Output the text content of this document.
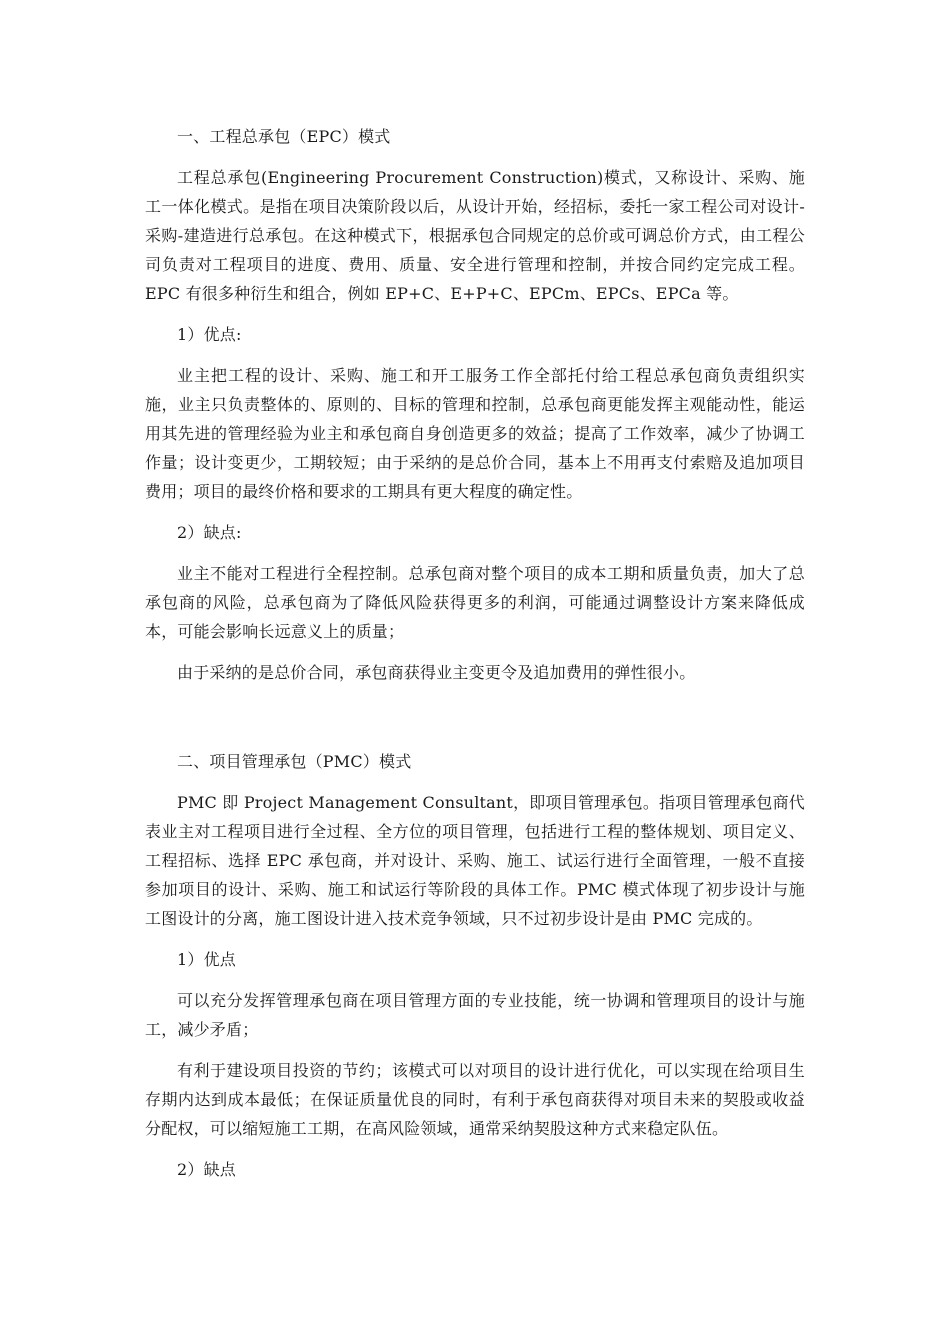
一、工程总承包（EPC）模式

工程总承包(Engineering Procurement Construction)模式，又称设计、采购、施工一体化模式。是指在项目决策阶段以后，从设计开始，经招标，委托一家工程公司对设计-采购-建造进行总承包。在这种模式下，根据承包合同规定的总价或可调总价方式，由工程公司负责对工程项目的进度、费用、质量、安全进行管理和控制，并按合同约定完成工程。EPC 有很多种衍生和组合，例如 EP+C、E+P+C、EPCm、EPCs、EPCa 等。

1）优点:

业主把工程的设计、采购、施工和开工服务工作全部托付给工程总承包商负责组织实施，业主只负责整体的、原则的、目标的管理和控制，总承包商更能发挥主观能动性，能运用其先进的管理经验为业主和承包商自身创造更多的效益；提高了工作效率，减少了协调工作量；设计变更少，工期较短；由于采纳的是总价合同，基本上不用再支付索赔及追加项目费用；项目的最终价格和要求的工期具有更大程度的确定性。

2）缺点:

业主不能对工程进行全程控制。总承包商对整个项目的成本工期和质量负责，加大了总承包商的风险，总承包商为了降低风险获得更多的利润，可能通过调整设计方案来降低成本，可能会影响长远意义上的质量；

由于采纳的是总价合同，承包商获得业主变更令及追加费用的弹性很小。

二、项目管理承包（PMC）模式

PMC 即 Project Management Consultant，即项目管理承包。指项目管理承包商代表业主对工程项目进行全过程、全方位的项目管理，包括进行工程的整体规划、项目定义、工程招标、选择 EPC 承包商，并对设计、采购、施工、试运行进行全面管理，一般不直接参加项目的设计、采购、施工和试运行等阶段的具体工作。PMC 模式体现了初步设计与施工图设计的分离，施工图设计进入技术竞争领域，只不过初步设计是由 PMC 完成的。

1）优点

可以充分发挥管理承包商在项目管理方面的专业技能，统一协调和管理项目的设计与施工，减少矛盾；

有利于建设项目投资的节约；该模式可以对项目的设计进行优化，可以实现在给项目生存期内达到成本最低；在保证质量优良的同时，有利于承包商获得对项目未来的契股或收益分配权，可以缩短施工工期，在高风险领域，通常采纳契股这种方式来稳定队伍。

2）缺点
